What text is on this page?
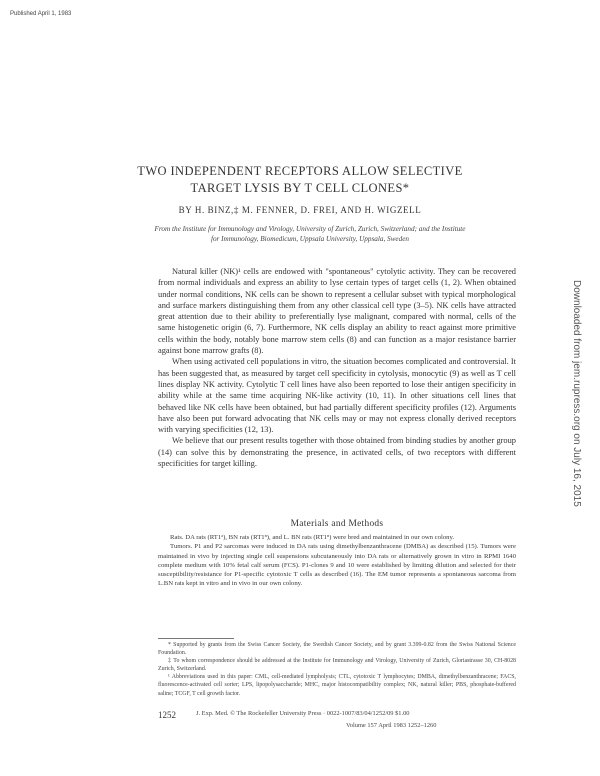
Published April 1, 1983
TWO INDEPENDENT RECEPTORS ALLOW SELECTIVE
TARGET LYSIS BY T CELL CLONES*
BY H. BINZ,‡ M. FENNER, D. FREI, AND H. WIGZELL
From the Institute for Immunology and Virology, University of Zurich, Zurich, Switzerland; and the Institute
for Immunology, Biomedicum, Uppsala University, Uppsala, Sweden

Natural killer (NK)¹ cells are endowed with "spontaneous" cytolytic activity. They can be recovered from normal individuals and express an ability to lyse certain types of target cells (1, 2). When obtained under normal conditions, NK cells can be shown to represent a cellular subset with typical morphological and surface markers distinguishing them from any other classical cell type (3–5). NK cells have attracted great attention due to their ability to preferentially lyse malignant, compared with normal, cells of the same histogenetic origin (6, 7). Furthermore, NK cells display an ability to react against more primitive cells within the body, notably bone marrow stem cells (8) and can function as a major resistance barrier against bone marrow grafts (8).

When using activated cell populations in vitro, the situation becomes complicated and controversial. It has been suggested that, as measured by target cell specificity in cytolysis, monocytic (9) as well as T cell lines display NK activity. Cytolytic T cell lines have also been reported to lose their antigen specificity in ability while at the same time acquiring NK-like activity (10, 11). In other situations cell lines that behaved like NK cells have been obtained, but had partially different specificity profiles (12). Arguments have also been put forward advocating that NK cells may or may not express clonally derived receptors with varying specificities (12, 13).

We believe that our present results together with those obtained from binding studies by another group (14) can solve this by demonstrating the presence, in activated cells, of two receptors with different specificities for target killing.

Materials and Methods

Rats. DA rats (RT1ᵃ), BN rats (RT1ⁿ), and L. BN rats (RT1ⁿ) were bred and maintained in our own colony.

Tumors. P1 and P2 sarcomas were induced in DA rats using dimethylbenzanthracene (DMBA) as described (15). Tumors were maintained in vivo by injecting single cell suspensions subcutaneously into DA rats or alternatively grown in vitro in RPMI 1640 complete medium with 10% fetal calf serum (FCS). P1-clones 9 and 10 were established by limiting dilution and selected for their susceptibility/resistance for P1-specific cytotoxic T cells as described (16). The EM tumor represents a spontaneous sarcoma from L.BN rats kept in vitro and in vivo in our own colony.

* Supported by grants from the Swiss Cancer Society, the Swedish Cancer Society, and by grant 3.399-0.82 from the Swiss National Science Foundation.

‡ To whom correspondence should be addressed at the Institute for Immunology and Virology, University of Zurich, Gloriastrasse 30, CH-8028 Zurich, Switzerland.

¹ Abbreviations used in this paper: CML, cell-mediated lympholysis; CTL, cytotoxic T lymphocytes; DMBA, dimethylbenzanthracene; FACS, fluorescence-activated cell sorter; LPS, lipopolysaccharide; MHC, major histocompatibility complex; NK, natural killer; PBS, phosphate-buffered saline; TCGF, T cell growth factor.

1252	J. Exp. Med. © The Rockefeller University Press · 0022-1007/83/04/1252/09 $1.00
Volume 157 April 1983 1252–1260
Downloaded from jem.rupress.org on July 16, 2015
